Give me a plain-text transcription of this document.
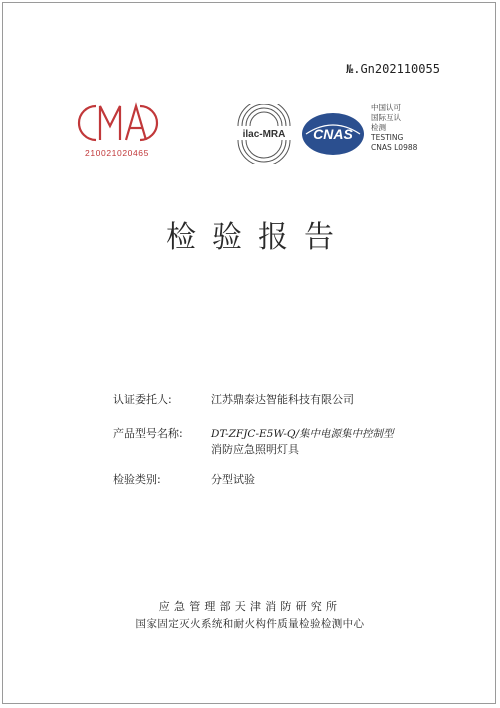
№.Gn202110055
210021020465
ilac-MRA CNAS
中国认可
国际互认
检测
TESTING
CNAS L0988
检验报告
认证委托人:	江苏鼎泰达智能科技有限公司
产品型号名称:	DT-ZFJC-E5W-Q/集中电源集中控制型
消防应急照明灯具
检验类别:	分型试验
应急管理部天津消防研究所
国家固定灭火系统和耐火构件质量检验检测中心
